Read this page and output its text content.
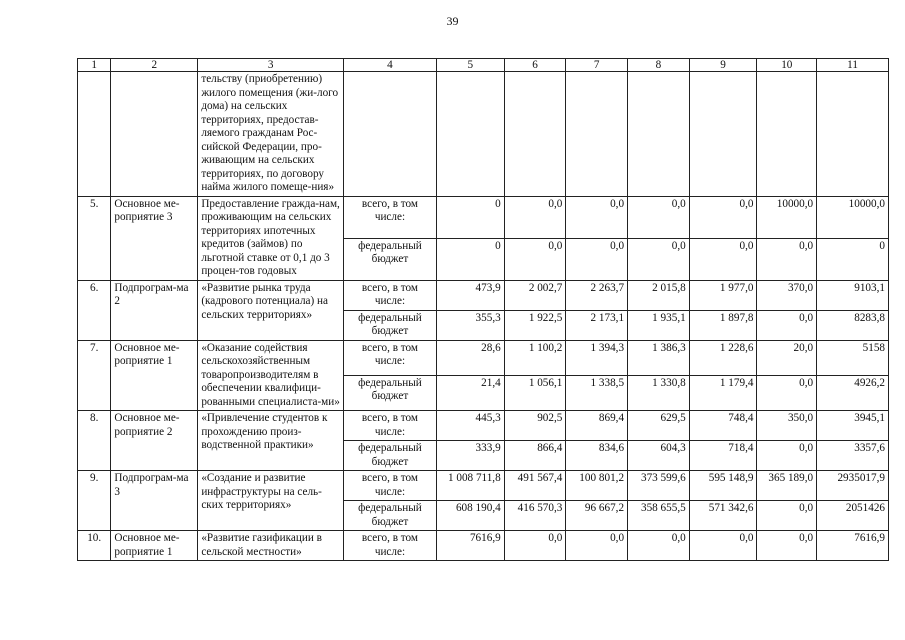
39
1	2	3	4	5	6	7	8	9	10	11
		тельству (приобретению) жилого помещения (жи-лого дома) на сельских территориях, предостав-ляемого гражданам Рос-сийской Федерации, про-живающим на сельских территориях, по договору найма жилого помеще-ния»								
5.	Основное ме-роприятие 3	Предоставление гражда-нам, проживающим на сельских территориях ипотечных кредитов (займов) по льготной ставке от 0,1 до 3 процен-тов годовых	всего, в том числе:	0	0,0	0,0	0,0	0,0	10000,0	10000,0
			федеральный бюджет	0	0,0	0,0	0,0	0,0	0,0	0
6.	Подпрограм-ма 2	«Развитие рынка труда (кадрового потенциала) на сельских территориях»	всего, в том числе:	473,9	2 002,7	2 263,7	2 015,8	1 977,0	370,0	9103,1
			федеральный бюджет	355,3	1 922,5	2 173,1	1 935,1	1 897,8	0,0	8283,8
7.	Основное ме-роприятие 1	«Оказание содействия сельскохозяйственным товаропроизводителям в обеспечении квалифици-рованными специалиста-ми»	всего, в том числе:	28,6	1 100,2	1 394,3	1 386,3	1 228,6	20,0	5158
			федеральный бюджет	21,4	1 056,1	1 338,5	1 330,8	1 179,4	0,0	4926,2
8.	Основное ме-роприятие 2	«Привлечение студентов к прохождению произ-водственной практики»	всего, в том числе:	445,3	902,5	869,4	629,5	748,4	350,0	3945,1
			федеральный бюджет	333,9	866,4	834,6	604,3	718,4	0,0	3357,6
9.	Подпрограм-ма 3	«Создание и развитие инфраструктуры на сель-ских территориях»	всего, в том числе:	1 008 711,8	491 567,4	100 801,2	373 599,6	595 148,9	365 189,0	2935017,9
			федеральный бюджет	608 190,4	416 570,3	96 667,2	358 655,5	571 342,6	0,0	2051426
10.	Основное ме-роприятие 1	«Развитие газификации в сельской местности»	всего, в том числе:	7616,9	0,0	0,0	0,0	0,0	0,0	7616,9
